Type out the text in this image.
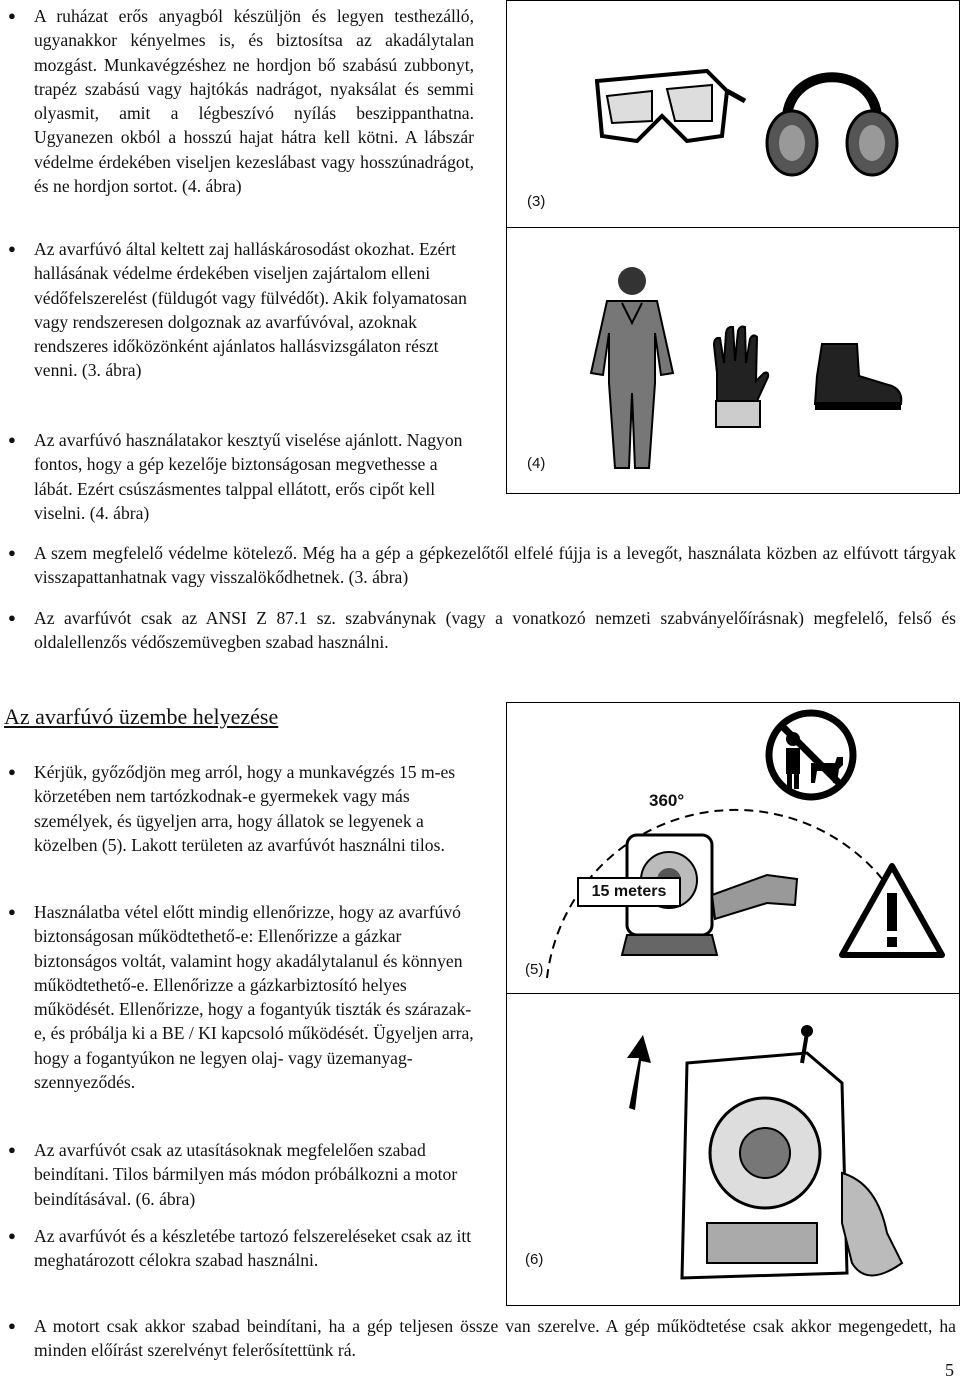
● A ruházat erős anyagból készüljön és legyen testhezálló, ugyanakkor kényelmes is, és biztosítsa az akadálytalan mozgást. Munkavégzéshez ne hordjon bő szabású zubbonyt, trapéz szabású vagy hajtókás nadrágot, nyaksálat és semmi olyasmit, amit a légbeszívó nyílás beszippanthatna. Ugyanezen okból a hosszú hajat hátra kell kötni. A lábszár védelme érdekében viseljen kezeslábast vagy hosszúnadrágot, és ne hordjon sortot. (4. ábra)

● Az avarfúvó által keltett zaj halláskárosodást okozhat. Ezért hallásának védelme érdekében viseljen zajártalom elleni védőfelszerelést (füldugót vagy fülvédőt). Akik folyamatosan vagy rendszeresen dolgoznak az avarfúvóval, azoknak rendszeres időközönként ajánlatos hallásvizsgálaton részt venni. (3. ábra)

● Az avarfúvó használatakor kesztyű viselése ajánlott. Nagyon fontos, hogy a gép kezelője biztonságosan megvethesse a lábát. Ezért csúszásmentes talppal ellátott, erős cipőt kell viselni. (4. ábra)

● A szem megfelelő védelme kötelező. Még ha a gép a gépkezelőtől elfelé fújja is a levegőt, használata közben az elfúvott tárgyak visszapattanhatnak vagy visszalökődhetnek. (3. ábra)

● Az avarfúvót csak az ANSI Z 87.1 sz. szabványnak (vagy a vonatkozó nemzeti szabványelőírásnak) megfelelő, felső és oldalellenzős védőszemüvegben szabad használni.

(3)
(4)
Az avarfúvó üzembe helyezése
● Kérjük, győződjön meg arról, hogy a munkavégzés 15 m-es körzetében nem tartózkodnak-e gyermekek vagy más személyek, és ügyeljen arra, hogy állatok se legyenek a közelben (5). Lakott területen az avarfúvót használni tilos.

● Használatba vétel előtt mindig ellenőrizze, hogy az avarfúvó biztonságosan működtethető-e: Ellenőrizze a gázkar biztonságos voltát, valamint hogy akadálytalanul és könnyen működtethető-e. Ellenőrizze a gázkarbiztosító helyes működését. Ellenőrizze, hogy a fogantyúk tiszták és szárazak-e, és próbálja ki a BE / KI kapcsoló működését. Ügyeljen arra, hogy a fogantyúkon ne legyen olaj- vagy üzemanyag-szennyeződés.

● Az avarfúvót csak az utasításoknak megfelelően szabad beindítani. Tilos bármilyen más módon próbálkozni a motor beindításával. (6. ábra)

● Az avarfúvót és a készletébe tartozó felszereléseket csak az itt meghatározott célokra szabad használni.

● A motort csak akkor szabad beindítani, ha a gép teljesen össze van szerelve. A gép működtetése csak akkor megengedett, ha minden előírást szerelvényt felerősítettünk rá.

360°
15 meters
(5)
(6)
5
